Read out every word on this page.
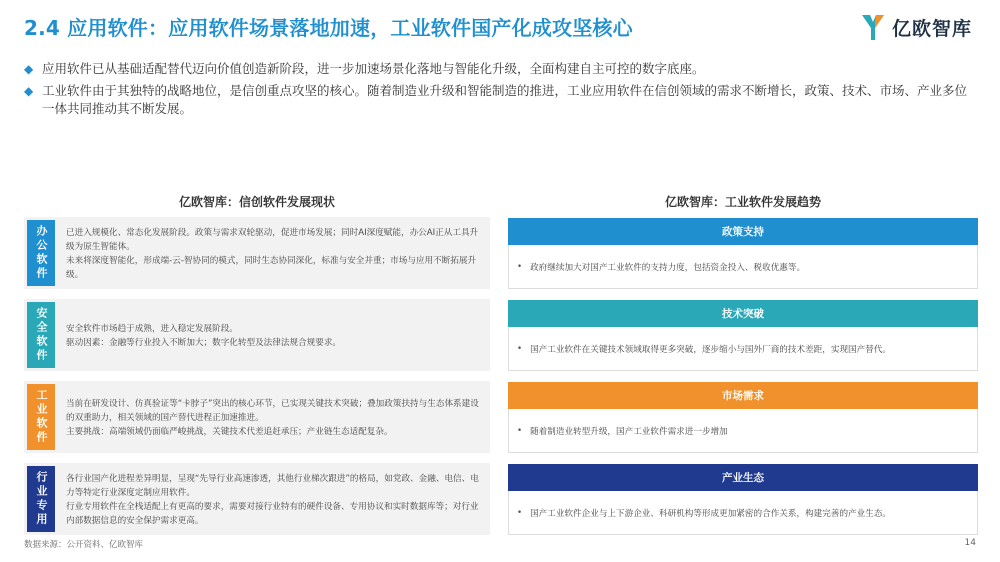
2.4 应用软件：应用软件场景落地加速，工业软件国产化成攻坚核心	亿欧智库
◆ 应用软件已从基础适配替代迈向价值创造新阶段，进一步加速场景化落地与智能化升级，全面构建自主可控的数字底座。
◆ 工业软件由于其独特的战略地位，是信创重点攻坚的核心。随着制造业升级和智能制造的推进，工业应用软件在信创领域的需求不断增长，政策、技术、市场、产业多位一体共同推动其不断发展。
亿欧智库：信创软件发展现状	亿欧智库：工业软件发展趋势
办公软件	已进入规模化、常态化发展阶段。政策与需求双轮驱动，促进市场发展；同时AI深度赋能，办公AI正从工具升级为原生智能体。
未来将深度智能化，形成端-云-智协同的模式，同时生态协同深化，标准与安全并重；市场与应用不断拓展升级。
安全软件	安全软件市场趋于成熟，进入稳定发展阶段。
驱动因素：金融等行业投入不断加大；数字化转型及法律法规合规要求。
工业软件	当前在研发设计、仿真验证等“卡脖子”突出的核心环节，已实现关键技术突破；叠加政策扶持与生态体系建设的双重助力，相关领域的国产替代进程正加速推进。
主要挑战：高端领域仍面临严峻挑战，关键技术代差追赶承压；产业链生态适配复杂。
行业专用	各行业国产化进程差异明显，呈现“先导行业高速渗透，其他行业梯次跟进”的格局，如党政、金融、电信、电力等特定行业深度定制应用软件。
行业专用软件在全栈适配上有更高的要求，需要对接行业特有的硬件设备、专用协议和实时数据库等；对行业内部数据信息的安全保护需求更高。
政策支持
• 政府继续加大对国产工业软件的支持力度，包括资金投入、税收优惠等。
技术突破
• 国产工业软件在关键技术领域取得更多突破，逐步缩小与国外厂商的技术差距，实现国产替代。
市场需求
• 随着制造业转型升级，国产工业软件需求进一步增加
产业生态
• 国产工业软件企业与上下游企业、科研机构等形成更加紧密的合作关系，构建完善的产业生态。
数据来源：公开资料、亿欧智库	14
